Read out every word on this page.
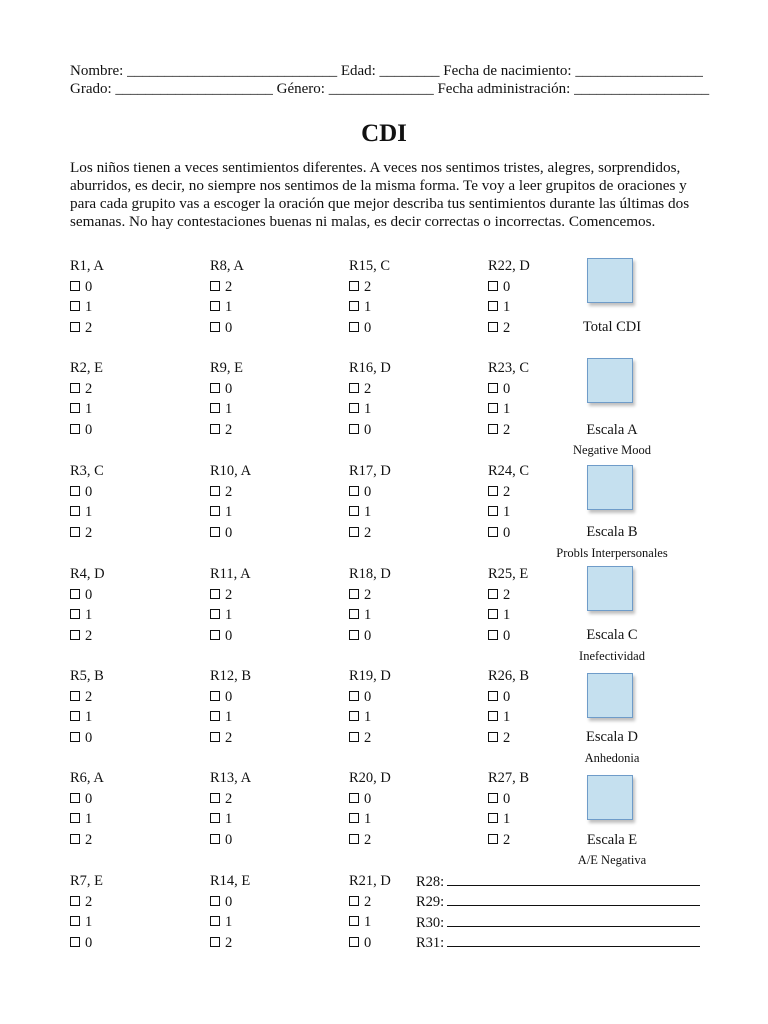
Nombre: ____________________________ Edad: ________ Fecha de nacimiento: _________________
Grado: _____________________ Género: ______________ Fecha administración: __________________
CDI
Los niños tienen a veces sentimientos diferentes. A veces nos sentimos tristes, alegres, sorprendidos, aburridos, es decir, no siempre nos sentimos de la misma forma. Te voy a leer grupitos de oraciones y para cada grupito vas a escoger la oración que mejor describa tus sentimientos durante las últimas dos semanas. No hay contestaciones buenas ni malas, es decir correctas o incorrectas. Comencemos.
R1, A
0
1
2
R8, A
2
1
0
R15, C
2
1
0
R22, D
0
1
2
R2, E
2
1
0
R9, E
0
1
2
R16, D
2
1
0
R23, C
0
1
2
R3, C
0
1
2
R10, A
2
1
0
R17, D
0
1
2
R24, C
2
1
0
R4, D
0
1
2
R11, A
2
1
0
R18, D
2
1
0
R25, E
2
1
0
R5, B
2
1
0
R12, B
0
1
2
R19, D
0
1
2
R26, B
0
1
2
R6, A
0
1
2
R13, A
2
1
0
R20, D
0
1
2
R27, B
0
1
2
R7, E
2
1
0
R14, E
0
1
2
R21, D
2
1
0
Total CDI
Escala A
Negative Mood
Escala B
Probls Interpersonales
Escala C
Inefectividad
Escala D
Anhedonia
Escala E
A/E Negativa
R28:
R29:
R30:
R31:
